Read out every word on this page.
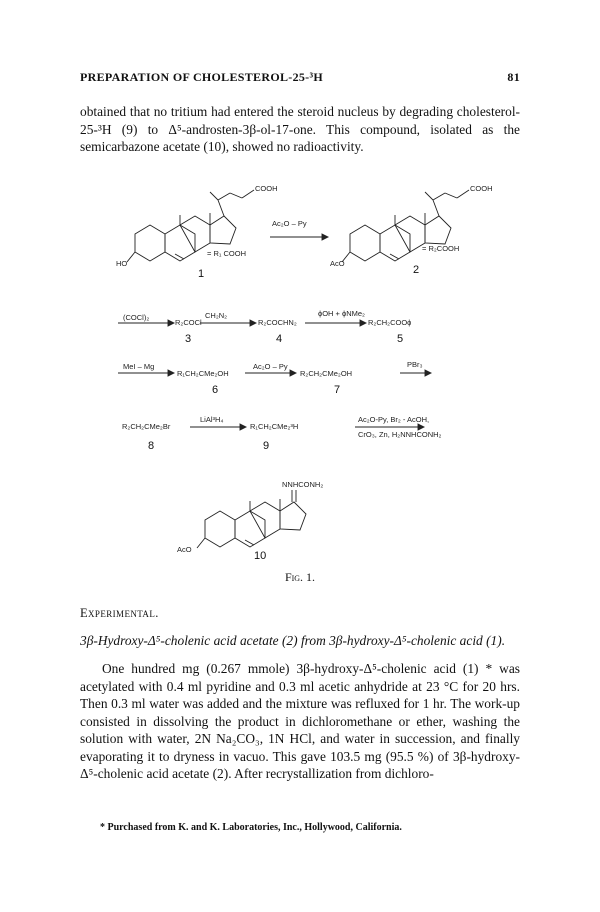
PREPARATION OF CHOLESTEROL-25-³H	81
obtained that no tritium had entered the steroid nucleus by degrading cholesterol-25-³H (9) to Δ⁵-androsten-3β-ol-17-one. This compound, isolated as the semicarbazone acetate (10), showed no radioactivity.
COOH
HO
= R₁ COOH
1
Ac₂O – Py
COOH
AcO
= R₂COOH
2
(COCl)₂
R₂COCl
CH₂N₂
R₂COCHN₂
ϕOH + ϕNMe₂
R₂CH₂COOϕ
3	4	5
MeI – Mg
R₁CH₂CMe₂OH
Ac₂O – Py
R₂CH₂CMe₂OH
PBr₃
6	7
R₂CH₂CMe₂Br
LiAl³H₄
R₁CH₂CMe₂³H
Ac₂O-Py, Br₂ - AcOH,
CrO₃, Zn, H₂NNHCONH₂
8	9
NNHCONH₂
AcO
10
Fig. 1.
Experimental.
3β-Hydroxy-Δ⁵-cholenic acid acetate (2) from 3β-hydroxy-Δ⁵-cholenic acid (1).
One hundred mg (0.267 mmole) 3β-hydroxy-Δ⁵-cholenic acid (1) * was acetylated with 0.4 ml pyridine and 0.3 ml acetic anhydride at 23 °C for 20 hrs. Then 0.3 ml water was added and the mixture was refluxed for 1 hr. The work-up consisted in dissolving the product in dichloromethane or ether, washing the solution with water, 2N Na₂CO₃, 1N HCl, and water in succession, and finally evaporating it to dryness in vacuo. This gave 103.5 mg (95.5 %) of 3β-hydroxy-Δ⁵-cholenic acid acetate (2). After recrystallization from dichloro-
* Purchased from K. and K. Laboratories, Inc., Hollywood, California.
